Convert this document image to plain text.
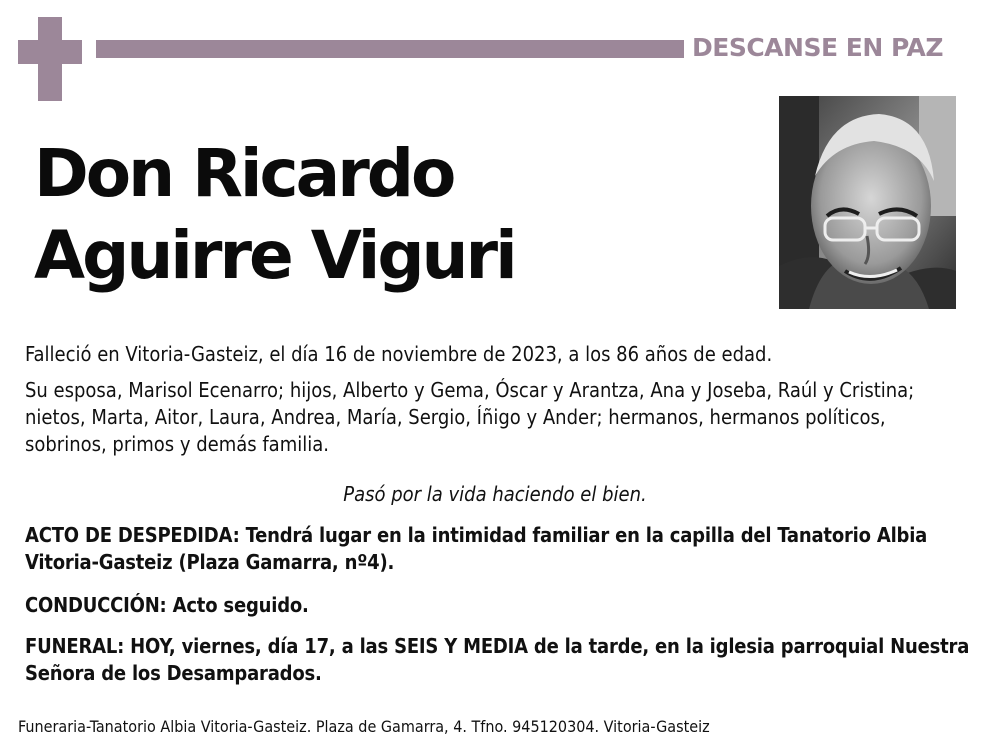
DESCANSE EN PAZ
Don Ricardo
Aguirre Viguri
Falleció en Vitoria-Gasteiz, el día 16 de noviembre de 2023, a los 86 años de edad.
Su esposa, Marisol Ecenarro; hijos, Alberto y Gema, Óscar y Arantza, Ana y Joseba, Raúl y Cristina; nietos, Marta, Aitor, Laura, Andrea, María, Sergio, Íñigo y Ander; hermanos, hermanos políticos, sobrinos, primos y demás familia.
Pasó por la vida haciendo el bien.
ACTO DE DESPEDIDA: Tendrá lugar en la intimidad familiar en la capilla del Tanatorio Albia Vitoria-Gasteiz (Plaza Gamarra, nº4).
CONDUCCIÓN: Acto seguido.
FUNERAL: HOY, viernes, día 17, a las SEIS Y MEDIA de la tarde, en la iglesia parroquial Nuestra Señora de los Desamparados.
Funeraria-Tanatorio Albia Vitoria-Gasteiz. Plaza de Gamarra, 4. Tfno. 945120304. Vitoria-Gasteiz
